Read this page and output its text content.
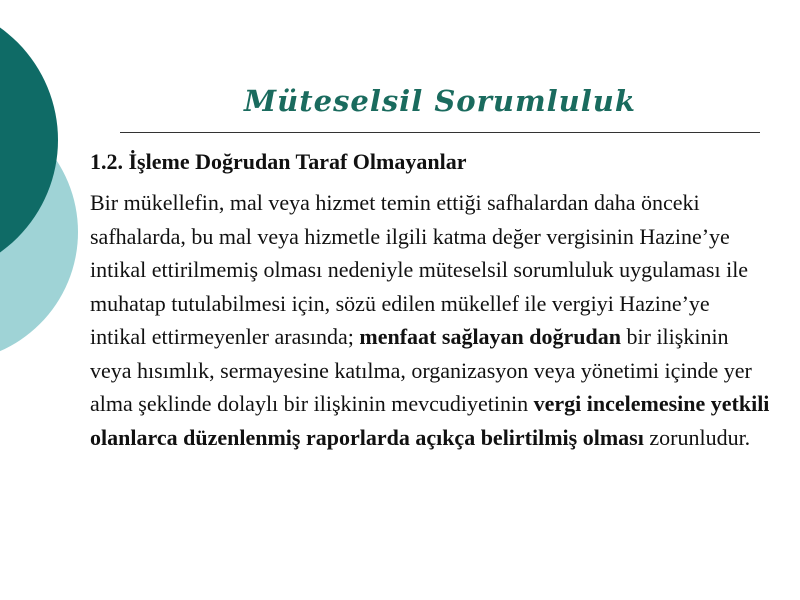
Müteselsil Sorumluluk
1.2. İşleme Doğrudan Taraf Olmayanlar
Bir mükellefin, mal veya hizmet temin ettiği safhalardan daha önceki safhalarda, bu mal veya hizmetle ilgili katma değer vergisinin Hazine’ye intikal ettirilmemiş olması nedeniyle müteselsil sorumluluk uygulaması ile muhatap tutulabilmesi için, sözü edilen mükellef ile vergiyi Hazine’ye intikal ettirmeyenler arasında; menfaat sağlayan doğrudan bir ilişkinin veya hısımlık, sermayesine katılma, organizasyon veya yönetimi içinde yer alma şeklinde dolaylı bir ilişkinin mevcudiyetinin vergi incelemesine yetkili olanlarca düzenlenmiş raporlarda açıkça belirtilmiş olması zorunludur.
